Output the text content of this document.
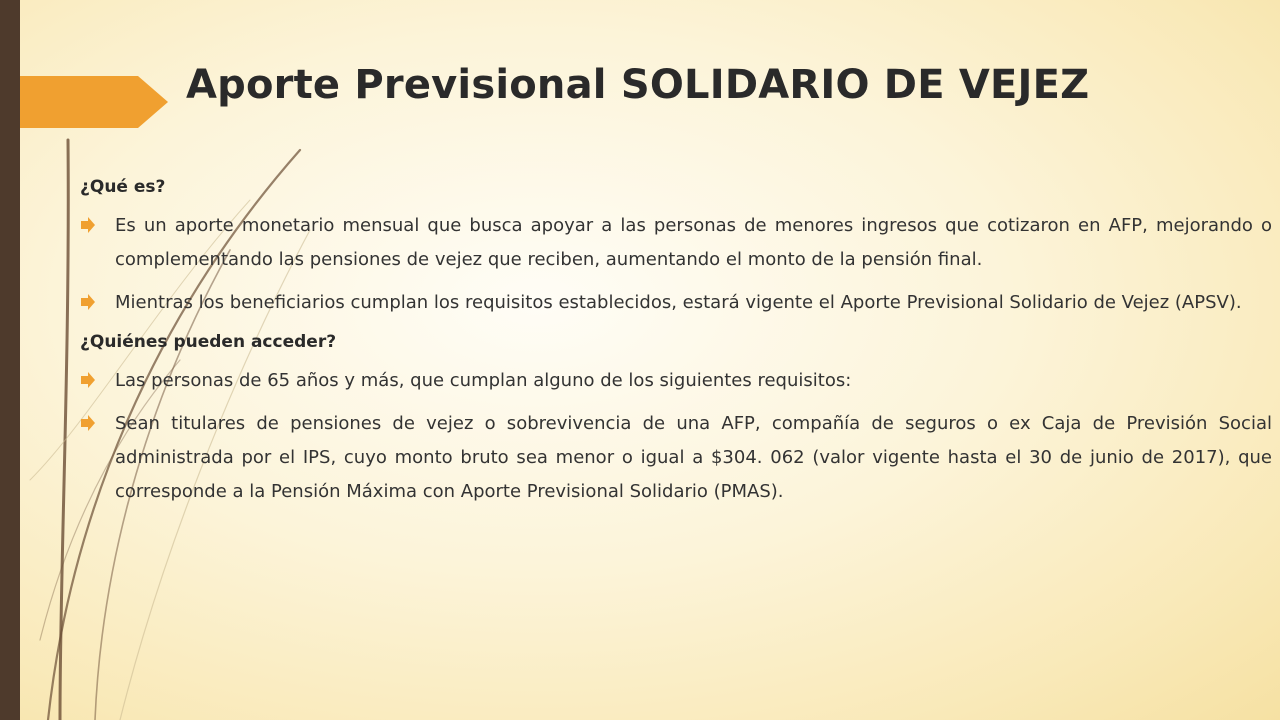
Aporte Previsional SOLIDARIO DE VEJEZ

¿Qué es?

Es un aporte monetario mensual que busca apoyar a las personas de menores ingresos que cotizaron en AFP, mejorando o complementando las pensiones de vejez que reciben, aumentando el monto de la pensión final.

Mientras los beneficiarios cumplan los requisitos establecidos, estará vigente el Aporte Previsional Solidario de Vejez (APSV).

¿Quiénes pueden acceder?

Las personas de 65 años y más, que cumplan alguno de los siguientes requisitos:

Sean titulares de pensiones de vejez o sobrevivencia de una AFP, compañía de seguros o ex Caja de Previsión Social administrada por el IPS, cuyo monto bruto sea menor o igual a $304. 062 (valor vigente hasta el 30 de junio de 2017), que corresponde a la Pensión Máxima con Aporte Previsional Solidario (PMAS).
